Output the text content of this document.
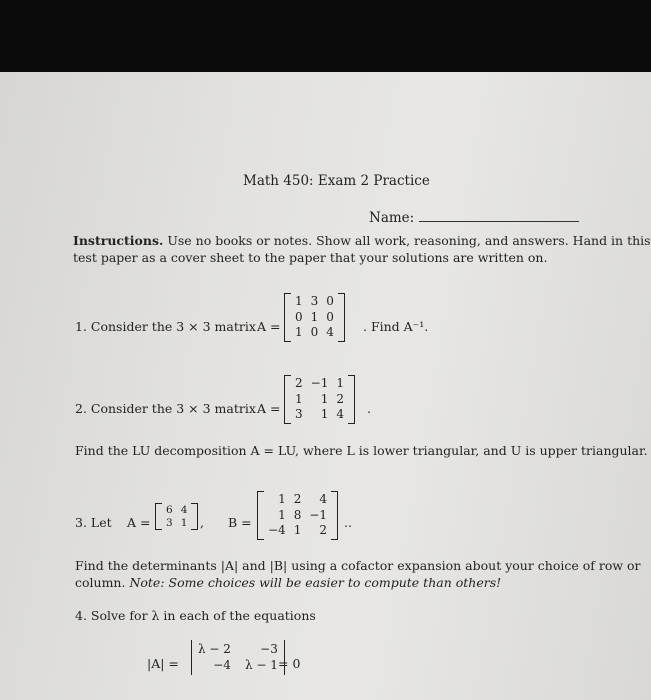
Math 450: Exam 2 Practice
Name:
Instructions. Use no books or notes. Show all work, reasoning, and answers. Hand in this
test paper as a cover sheet to the paper that your solutions are written on.
1. Consider the 3 × 3 matrix A =
1 3 0
0 1 0
1 0 4 . Find A⁻¹.
2. Consider the 3 × 3 matrix A =
2 −1 1
1	1 2
3	1 4 .
Find the LU decomposition A = LU, where L is lower triangular, and U is upper triangular.
3. Let A =
6 4
3 1 , B =
1 2	4
1 8 −1
−4 1	2 ..
Find the determinants |A| and |B| using a cofactor expansion about your choice of row or
column. Note: Some choices will be easier to compute than others!
4. Solve for λ in each of the equations
|A| =
λ − 2	−3
−4 λ − 1 = 0
